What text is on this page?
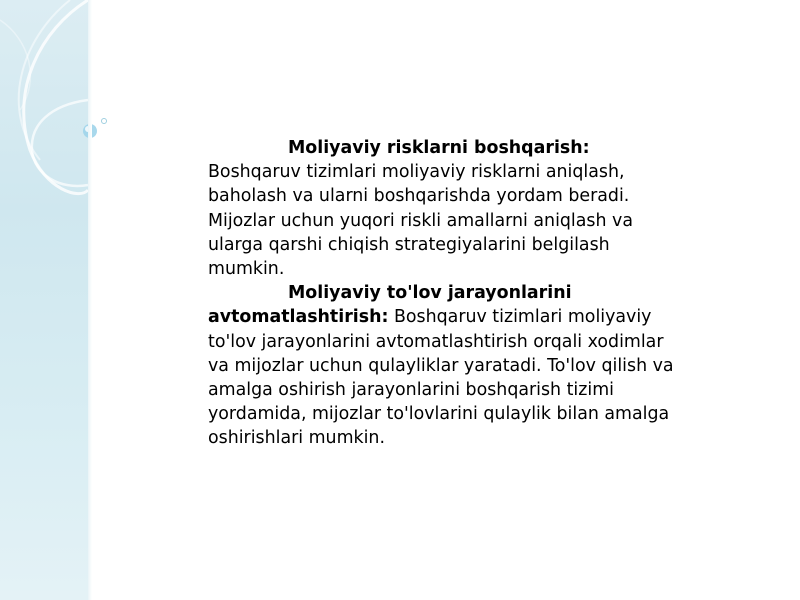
Moliyaviy risklarni boshqarish:
Boshqaruv tizimlari moliyaviy risklarni aniqlash, baholash va ularni boshqarishda yordam beradi. Mijozlar uchun yuqori riskli amallarni aniqlash va ularga qarshi chiqish strategiyalarini belgilash mumkin.

Moliyaviy to'lov jarayonlarini avtomatlashtirish: Boshqaruv tizimlari moliyaviy to'lov jarayonlarini avtomatlashtirish orqali xodimlar va mijozlar uchun qulayliklar yaratadi. To'lov qilish va amalga oshirish jarayonlarini boshqarish tizimi yordamida, mijozlar to'lovlarini qulaylik bilan amalga oshirishlari mumkin.
